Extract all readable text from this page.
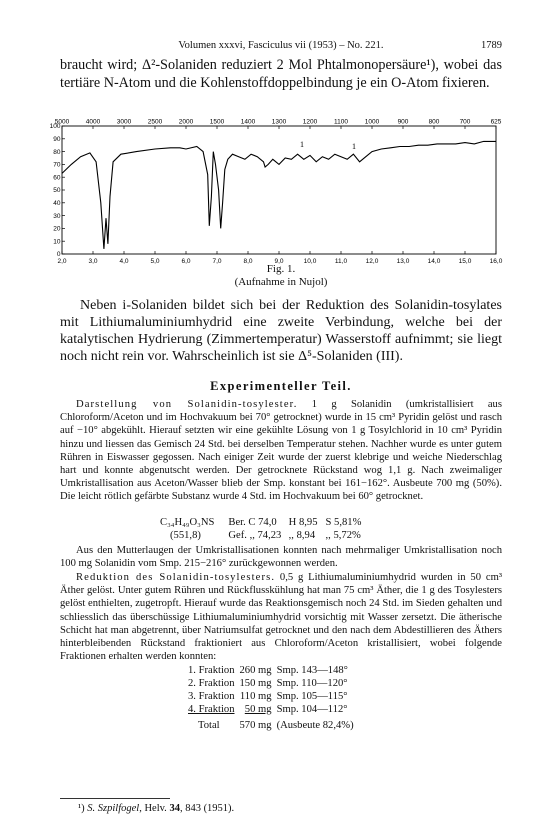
Volumen xxxvi, Fasciculus vii (1953) – No. 221.	1789
braucht wird; Δ²-Solaniden reduziert 2 Mol Phtalmonopersäure¹), wobei das tertiäre N-Atom und die Kohlenstoffdoppelbindung je ein O-Atom fixieren.
5000	4000	3000	2500	2000	1500	1400	1300	1200	1100	1000	900	800	700	625
100
90
80
70
60
50
40
30
20
10
0
2,0	3,0	4,0	5,0	6,0	7,0	8,0	9,0	10,0	11,0	12,0	13,0	14,0	15,0	16,0
1	1
Fig. 1.
(Aufnahme in Nujol)
Neben i-Solaniden bildet sich bei der Reduktion des Solanidin-tosylates mit Lithiumaluminiumhydrid eine zweite Verbindung, welche bei der katalytischen Hydrierung (Zimmertemperatur) Wasserstoff aufnimmt; sie liegt noch nicht rein vor. Wahrscheinlich ist sie Δ⁵-Solaniden (III).
Experimenteller Teil.
Darstellung von Solanidin-tosylester. 1 g Solanidin (umkristallisiert aus Chloroform/Aceton und im Hochvakuum bei 70° getrocknet) wurde in 15 cm³ Pyridin gelöst und rasch auf −10° abgekühlt. Hierauf setzten wir eine gekühlte Lösung von 1 g Tosylchlorid in 10 cm³ Pyridin hinzu und liessen das Gemisch 24 Std. bei derselben Temperatur stehen. Nachher wurde es unter gutem Rühren in Eiswasser gegossen. Nach einiger Zeit wurde der zuerst klebrige und weiche Niederschlag hart und konnte abgenutscht werden. Der getrocknete Rückstand wog 1,1 g. Nach zweimaliger Umkristallisation aus Aceton/Wasser blieb der Smp. konstant bei 161−162°. Ausbeute 700 mg (50%). Die leicht rötlich gefärbte Substanz wurde 4 Std. im Hochvakuum bei 60° getrocknet.
C₃₄H₄₉O₃NS	Ber. C 74,0	H 8,95	S 5,81%
(551,8)	Gef. ,, 74,23	,, 8,94	,, 5,72%
Aus den Mutterlaugen der Umkristallisationen konnten nach mehrmaliger Umkristallisation noch 100 mg Solanidin vom Smp. 215−216° zurückgewonnen werden.
Reduktion des Solanidin-tosylesters. 0,5 g Lithiumaluminiumhydrid wurden in 50 cm³ Äther gelöst. Unter gutem Rühren und Rückflusskühlung hat man 75 cm³ Äther, die 1 g des Tosylesters gelöst enthielten, zugetropft. Hierauf wurde das Reaktionsgemisch noch 24 Std. im Sieden gehalten und schliesslich das überschüssige Lithiumaluminiumhydrid vorsichtig mit Wasser zersetzt. Die ätherische Schicht hat man abgetrennt, über Natriumsulfat getrocknet und den nach dem Abdestillieren des Äthers hinterbleibenden Rückstand fraktioniert aus Chloroform/Aceton kristallisiert, wobei folgende Fraktionen erhalten werden konnten:
1. Fraktion	260 mg	Smp. 143—148°
2. Fraktion	150 mg	Smp. 110—120°
3. Fraktion	110 mg	Smp. 105—115°
4. Fraktion	50 mg	Smp. 104—112°
Total	570 mg	(Ausbeute 82,4%)
¹) S. Szpilfogel, Helv. 34, 843 (1951).
